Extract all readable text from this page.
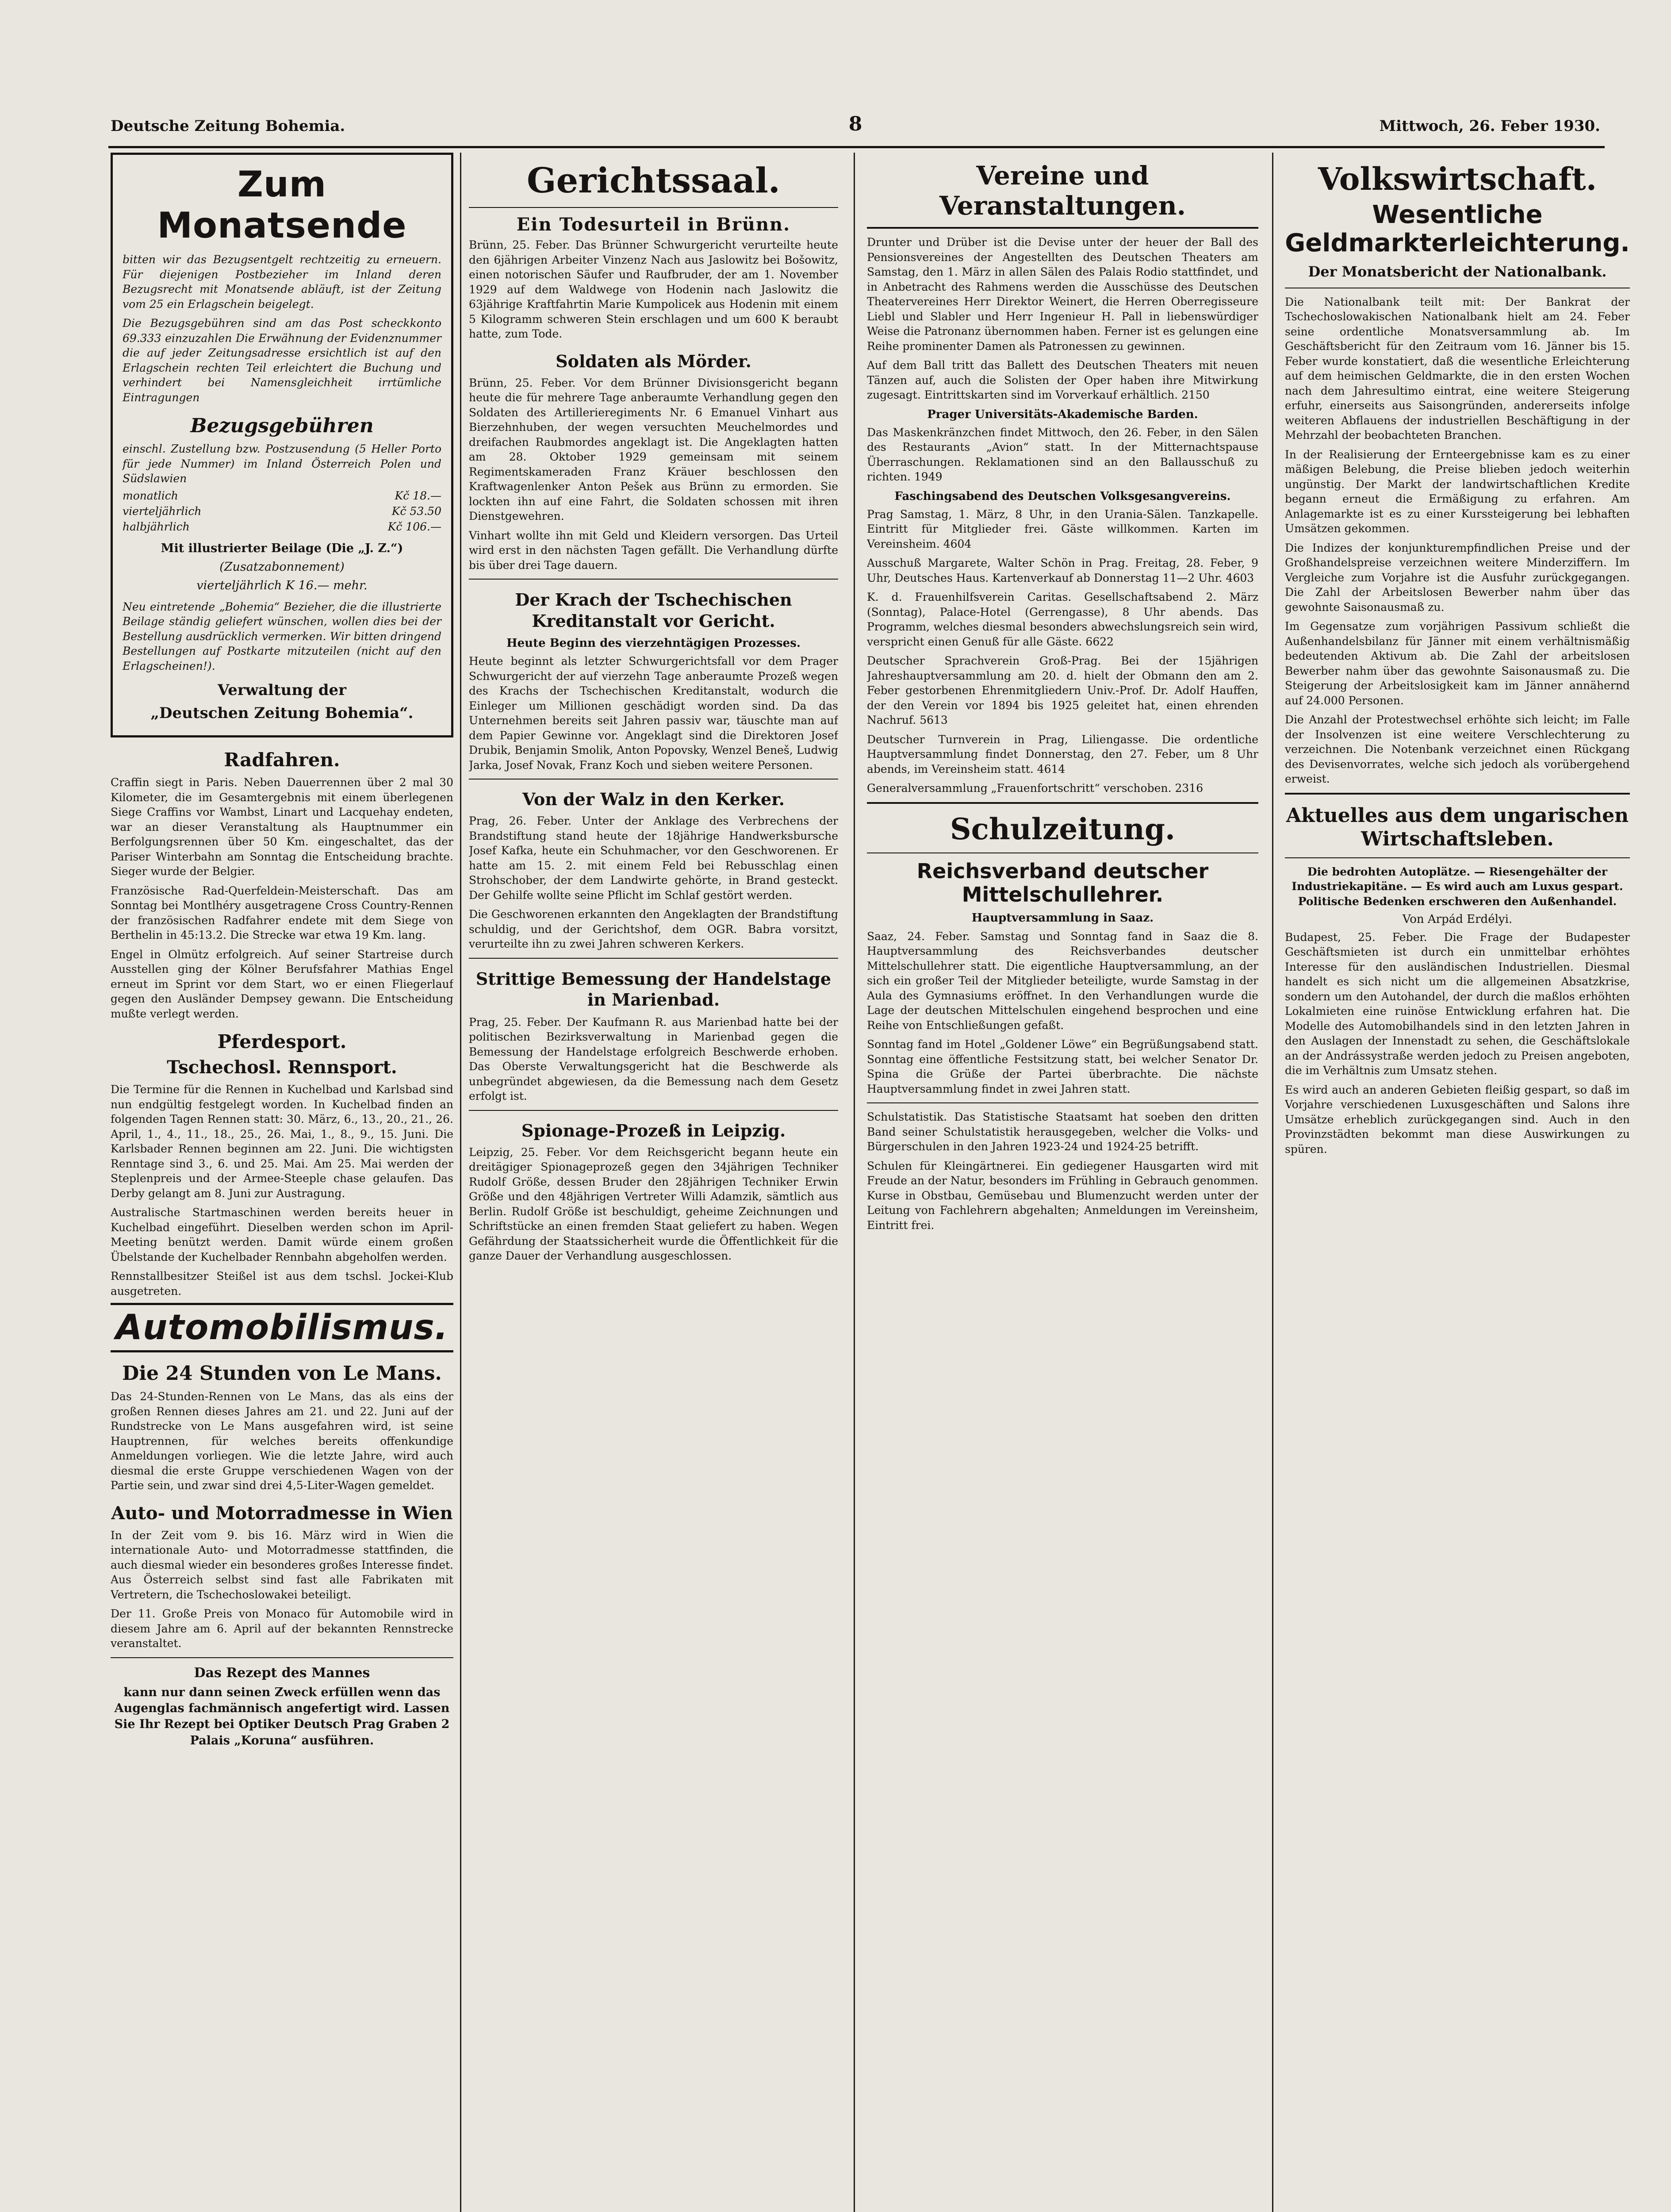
Deutsche Zeitung Bohemia.	8	Mittwoch, 26. Feber 1930.
Zum Monatsende

bitten wir das Bezugsentgelt rechtzeitig zu erneuern. Für diejenigen Postbezieher im Inland deren Bezugsrecht mit Monatsende abläuft, ist der Zeitung vom 25 ein Erlagschein beigelegt.

Die Bezugsgebühren sind am das Post scheckkonto 69.333 einzuzahlen Die Erwähnung der Evidenznummer die auf jeder Zeitungsadresse ersichtlich ist auf den Erlagschein rechten Teil erleichtert die Buchung und verhindert bei Namensgleichheit irrtümliche Eintragungen

Bezugsgebühren

einschl. Zustellung bzw. Postzusendung (5 Heller Porto für jede Nummer) im Inland Österreich Polen und Südslawien

monatlich	Kč 18.—
vierteljährlich	Kč 53.50
halbjährlich	Kč 106.—
Mit illustrierter Beilage (Die „J. Z.“)
(Zusatzabonnement)
vierteljährlich K 16.— mehr.

Neu eintretende „Bohemia“ Bezieher, die die illustrierte Beilage ständig geliefert wünschen, wollen dies bei der Bestellung ausdrücklich vermerken. Wir bitten dringend Bestellungen auf Postkarte mitzuteilen (nicht auf den Erlagscheinen!).

Verwaltung der
„Deutschen Zeitung Bohemia“.
Radfahren.

Craffin siegt in Paris. Neben Dauerrennen über 2 mal 30 Kilometer, die im Gesamtergebnis mit einem überlegenen Siege Craffins vor Wambst, Linart und Lacquehay endeten, war an dieser Veranstaltung als Hauptnummer ein Berfolgungsrennen über 50 Km. eingeschaltet, das der Pariser Winterbahn am Sonntag die Entscheidung brachte. Sieger wurde der Belgier.

Französische Rad-Querfeldein-Meisterschaft. Das am Sonntag bei Montlhéry ausgetragene Cross Country-Rennen der französischen Radfahrer endete mit dem Siege von Berthelin in 45:13.2. Die Strecke war etwa 19 Km. lang.

Engel in Olmütz erfolgreich. Auf seiner Startreise durch Ausstellen ging der Kölner Berufsfahrer Mathias Engel erneut im Sprint vor dem Start, wo er einen Fliegerlauf gegen den Ausländer Dempsey gewann. Die Entscheidung mußte verlegt werden.

Pferdesport.
Tschechosl. Rennsport.

Die Termine für die Rennen in Kuchelbad und Karlsbad sind nun endgültig festgelegt worden. In Kuchelbad finden an folgenden Tagen Rennen statt: 30. März, 6., 13., 20., 21., 26. April, 1., 4., 11., 18., 25., 26. Mai, 1., 8., 9., 15. Juni. Die Karlsbader Rennen beginnen am 22. Juni. Die wichtigsten Renntage sind 3., 6. und 25. Mai. Am 25. Mai werden der Steplenpreis und der Armee-Steeple chase gelaufen. Das Derby gelangt am 8. Juni zur Austragung.

Australische Startmaschinen werden bereits heuer in Kuchelbad eingeführt. Dieselben werden schon im April-Meeting benützt werden. Damit würde einem großen Übelstande der Kuchelbader Rennbahn abgeholfen werden.

Rennstallbesitzer Steißel ist aus dem tschsl. Jockei-Klub ausgetreten.

Automobilismus.
Die 24 Stunden von Le Mans.

Das 24-Stunden-Rennen von Le Mans, das als eins der großen Rennen dieses Jahres am 21. und 22. Juni auf der Rundstrecke von Le Mans ausgefahren wird, ist seine Hauptrennen, für welches bereits offenkundige Anmeldungen vorliegen. Wie die letzte Jahre, wird auch diesmal die erste Gruppe verschiedenen Wagen von der Partie sein, und zwar sind drei 4,5-Liter-Wagen gemeldet.

Auto- und Motorradmesse in Wien

In der Zeit vom 9. bis 16. März wird in Wien die internationale Auto- und Motorradmesse stattfinden, die auch diesmal wieder ein besonderes großes Interesse findet. Aus Österreich selbst sind fast alle Fabrikaten mit Vertretern, die Tschechoslowakei beteiligt.

Der 11. Große Preis von Monaco für Automobile wird in diesem Jahre am 6. April auf der bekannten Rennstrecke veranstaltet.

Das Rezept des Mannes

kann nur dann seinen Zweck erfüllen wenn das Augenglas fachmännisch angefertigt wird. Lassen Sie Ihr Rezept bei Optiker Deutsch Prag Graben 2 Palais „Koruna“ ausführen.

Gerichtssaal.
Ein Todesurteil in Brünn.

Brünn, 25. Feber. Das Brünner Schwurgericht verurteilte heute den 6jährigen Arbeiter Vinzenz Nach aus Jaslowitz bei Bošowitz, einen notorischen Säufer und Raufbruder, der am 1. November 1929 auf dem Waldwege von Hodenin nach Jaslowitz die 63jährige Kraftfahrtin Marie Kumpolicek aus Hodenin mit einem 5 Kilogramm schweren Stein erschlagen und um 600 K beraubt hatte, zum Tode.

Soldaten als Mörder.

Brünn, 25. Feber. Vor dem Brünner Divisionsgericht begann heute die für mehrere Tage anberaumte Verhandlung gegen den Soldaten des Artillerieregiments Nr. 6 Emanuel Vinhart aus Bierzehnhuben, der wegen versuchten Meuchelmordes und dreifachen Raubmordes angeklagt ist. Die Angeklagten hatten am 28. Oktober 1929 gemeinsam mit seinem Regimentskameraden Franz Kräuer beschlossen den Kraftwagenlenker Anton Pešek aus Brünn zu ermorden. Sie lockten ihn auf eine Fahrt, die Soldaten schossen mit ihren Dienstgewehren.

Vinhart wollte ihn mit Geld und Kleidern versorgen. Das Urteil wird erst in den nächsten Tagen gefällt. Die Verhandlung dürfte bis über drei Tage dauern.

Der Krach der Tschechischen Kreditanstalt vor Gericht.
Heute Beginn des vierzehntägigen Prozesses.

Heute beginnt als letzter Schwurgerichtsfall vor dem Prager Schwurgericht der auf vierzehn Tage anberaumte Prozeß wegen des Krachs der Tschechischen Kreditanstalt, wodurch die Einleger um Millionen geschädigt worden sind. Da das Unternehmen bereits seit Jahren passiv war, täuschte man auf dem Papier Gewinne vor. Angeklagt sind die Direktoren Josef Drubik, Benjamin Smolik, Anton Popovsky, Wenzel Beneš, Ludwig Jarka, Josef Novak, Franz Koch und sieben weitere Personen.

Von der Walz in den Kerker.

Prag, 26. Feber. Unter der Anklage des Verbrechens der Brandstiftung stand heute der 18jährige Handwerksbursche Josef Kafka, heute ein Schuhmacher, vor den Geschworenen. Er hatte am 15. 2. mit einem Feld bei Rebusschlag einen Strohschober, der dem Landwirte gehörte, in Brand gesteckt. Der Gehilfe wollte seine Pflicht im Schlaf gestört werden.

Die Geschworenen erkannten den Angeklagten der Brandstiftung schuldig, und der Gerichtshof, dem OGR. Babra vorsitzt, verurteilte ihn zu zwei Jahren schweren Kerkers.

Strittige Bemessung der Handelstage in Marienbad.

Prag, 25. Feber. Der Kaufmann R. aus Marienbad hatte bei der politischen Bezirksverwaltung in Marienbad gegen die Bemessung der Handelstage erfolgreich Beschwerde erhoben. Das Oberste Verwaltungsgericht hat die Beschwerde als unbegründet abgewiesen, da die Bemessung nach dem Gesetz erfolgt ist.

Spionage-Prozeß in Leipzig.

Leipzig, 25. Feber. Vor dem Reichsgericht begann heute ein dreitägiger Spionageprozeß gegen den 34jährigen Techniker Rudolf Größe, dessen Bruder den 28jährigen Techniker Erwin Größe und den 48jährigen Vertreter Willi Adamzik, sämtlich aus Berlin. Rudolf Größe ist beschuldigt, geheime Zeichnungen und Schriftstücke an einen fremden Staat geliefert zu haben. Wegen Gefährdung der Staatssicherheit wurde die Öffentlichkeit für die ganze Dauer der Verhandlung ausgeschlossen.

Vereine und Veranstaltungen.

Drunter und Drüber ist die Devise unter der heuer der Ball des Pensionsvereines der Angestellten des Deutschen Theaters am Samstag, den 1. März in allen Sälen des Palais Rodio stattfindet, und in Anbetracht des Rahmens werden die Ausschüsse des Deutschen Theatervereines Herr Direktor Weinert, die Herren Oberregisseure Liebl und Slabler und Herr Ingenieur H. Pall in liebenswürdiger Weise die Patronanz übernommen haben. Ferner ist es gelungen eine Reihe prominenter Damen als Patronessen zu gewinnen.

Auf dem Ball tritt das Ballett des Deutschen Theaters mit neuen Tänzen auf, auch die Solisten der Oper haben ihre Mitwirkung zugesagt. Eintrittskarten sind im Vorverkauf erhältlich. 2150

Prager Universitäts-Akademische Barden.

Das Maskenkränzchen findet Mittwoch, den 26. Feber, in den Sälen des Restaurants „Avion“ statt. In der Mitternachtspause Überraschungen. Reklamationen sind an den Ballausschuß zu richten. 1949

Faschingsabend des Deutschen Volksgesangvereins.

Prag Samstag, 1. März, 8 Uhr, in den Urania-Sälen. Tanzkapelle. Eintritt für Mitglieder frei. Gäste willkommen. Karten im Vereinsheim. 4604

Ausschuß Margarete, Walter Schön in Prag. Freitag, 28. Feber, 9 Uhr, Deutsches Haus. Kartenverkauf ab Donnerstag 11—2 Uhr. 4603

K. d. Frauenhilfsverein Caritas. Gesellschaftsabend 2. März (Sonntag), Palace-Hotel (Gerrengasse), 8 Uhr abends. Das Programm, welches diesmal besonders abwechslungsreich sein wird, verspricht einen Genuß für alle Gäste. 6622

Deutscher Sprachverein Groß-Prag. Bei der 15jährigen Jahreshauptversammlung am 20. d. hielt der Obmann den am 2. Feber gestorbenen Ehrenmitgliedern Univ.-Prof. Dr. Adolf Hauffen, der den Verein vor 1894 bis 1925 geleitet hat, einen ehrenden Nachruf. 5613

Deutscher Turnverein in Prag, Liliengasse. Die ordentliche Hauptversammlung findet Donnerstag, den 27. Feber, um 8 Uhr abends, im Vereinsheim statt. 4614

Generalversammlung „Frauenfortschritt“ verschoben. 2316

Schulzeitung.
Reichsverband deutscher Mittelschullehrer.
Hauptversammlung in Saaz.

Saaz, 24. Feber. Samstag und Sonntag fand in Saaz die 8. Hauptversammlung des Reichsverbandes deutscher Mittelschullehrer statt. Die eigentliche Hauptversammlung, an der sich ein großer Teil der Mitglieder beteiligte, wurde Samstag in der Aula des Gymnasiums eröffnet. In den Verhandlungen wurde die Lage der deutschen Mittelschulen eingehend besprochen und eine Reihe von Entschließungen gefaßt.

Sonntag fand im Hotel „Goldener Löwe“ ein Begrüßungsabend statt. Sonntag eine öffentliche Festsitzung statt, bei welcher Senator Dr. Spina die Grüße der Partei überbrachte. Die nächste Hauptversammlung findet in zwei Jahren statt.

Schulstatistik. Das Statistische Staatsamt hat soeben den dritten Band seiner Schulstatistik herausgegeben, welcher die Volks- und Bürgerschulen in den Jahren 1923-24 und 1924-25 betrifft.

Schulen für Kleingärtnerei. Ein gediegener Hausgarten wird mit Freude an der Natur, besonders im Frühling in Gebrauch genommen. Kurse in Obstbau, Gemüsebau und Blumenzucht werden unter der Leitung von Fachlehrern abgehalten; Anmeldungen im Vereinsheim, Eintritt frei.

Volkswirtschaft.
Wesentliche Geldmarkterleichterung.
Der Monatsbericht der Nationalbank.

Die Nationalbank teilt mit: Der Bankrat der Tschechoslowakischen Nationalbank hielt am 24. Feber seine ordentliche Monatsversammlung ab. Im Geschäftsbericht für den Zeitraum vom 16. Jänner bis 15. Feber wurde konstatiert, daß die wesentliche Erleichterung auf dem heimischen Geldmarkte, die in den ersten Wochen nach dem Jahresultimo eintrat, eine weitere Steigerung erfuhr, einerseits aus Saisongründen, andererseits infolge weiteren Abflauens der industriellen Beschäftigung in der Mehrzahl der beobachteten Branchen.

In der Realisierung der Ernteergebnisse kam es zu einer mäßigen Belebung, die Preise blieben jedoch weiterhin ungünstig. Der Markt der landwirtschaftlichen Kredite begann erneut die Ermäßigung zu erfahren. Am Anlagemarkte ist es zu einer Kurssteigerung bei lebhaften Umsätzen gekommen.

Die Indizes der konjunkturempfindlichen Preise und der Großhandelspreise verzeichnen weitere Minderziffern. Im Vergleiche zum Vorjahre ist die Ausfuhr zurückgegangen. Die Zahl der Arbeitslosen Bewerber nahm über das gewohnte Saisonausmaß zu.

Im Gegensatze zum vorjährigen Passivum schließt die Außenhandelsbilanz für Jänner mit einem verhältnismäßig bedeutenden Aktivum ab. Die Zahl der arbeitslosen Bewerber nahm über das gewohnte Saisonausmaß zu. Die Steigerung der Arbeitslosigkeit kam im Jänner annähernd auf 24.000 Personen.

Die Anzahl der Protestwechsel erhöhte sich leicht; im Falle der Insolvenzen ist eine weitere Verschlechterung zu verzeichnen. Die Notenbank verzeichnet einen Rückgang des Devisenvorrates, welche sich jedoch als vorübergehend erweist.

Aktuelles aus dem ungarischen Wirtschaftsleben.
Die bedrohten Autoplätze. — Riesengehälter der Industriekapitäne. — Es wird auch am Luxus gespart. Politische Bedenken erschweren den Außenhandel.
Von Arpád Erdélyi.

Budapest, 25. Feber. Die Frage der Budapester Geschäftsmieten ist durch ein unmittelbar erhöhtes Interesse für den ausländischen Industriellen. Diesmal handelt es sich nicht um die allgemeinen Absatzkrise, sondern um den Autohandel, der durch die maßlos erhöhten Lokalmieten eine ruinöse Entwicklung erfahren hat. Die Modelle des Automobilhandels sind in den letzten Jahren in den Auslagen der Innenstadt zu sehen, die Geschäftslokale an der Andrássystraße werden jedoch zu Preisen angeboten, die im Verhältnis zum Umsatz stehen.

Es wird auch an anderen Gebieten fleißig gespart, so daß im Vorjahre verschiedenen Luxusgeschäften und Salons ihre Umsätze erheblich zurückgegangen sind. Auch in den Provinzstädten bekommt man diese Auswirkungen zu spüren.
